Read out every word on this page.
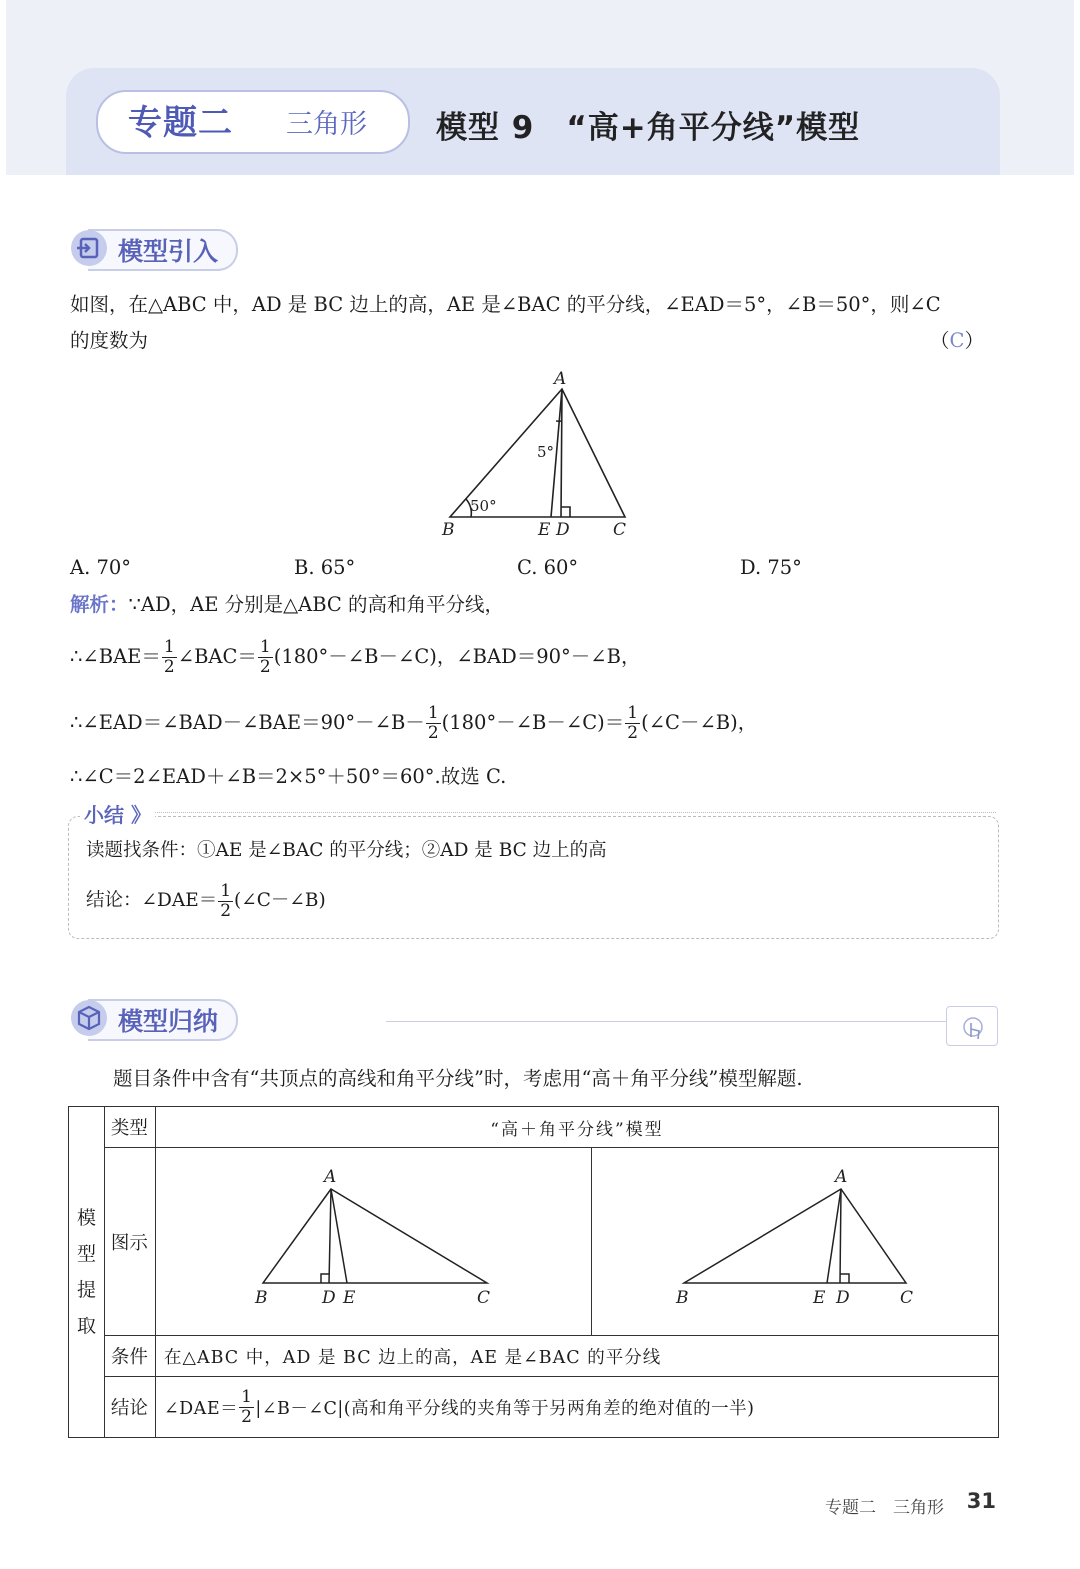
专题二 三角形 模型 9　“高+角平分线”模型
模型引入
如图，在△ABC 中，AD 是 BC 边上的高，AE 是∠BAC 的平分线，∠EAD＝5°，∠B＝50°，则∠C
的度数为	（C）
A
B	C
E D
5°
50°
A. 70°	B. 65°	C. 60°	D. 75°
解析：∵AD，AE 分别是△ABC 的高和角平分线，
∴∠BAE＝ $\frac{1}{2}$ ∠BAC＝ $\frac{1}{2}$ (180°－∠B－∠C)，∠BAD＝90°－∠B，
∴∠EAD＝∠BAD－∠BAE＝90°－∠B－ $\frac{1}{2}$ (180°－∠B－∠C)＝ $\frac{1}{2}$ (∠C－∠B)，
∴∠C＝2∠EAD＋∠B＝2×5°＋50°＝60°.故选 C.
小结 》
读题找条件：①AE 是∠BAC 的平分线；②AD 是 BC 边上的高
结论：∠DAE＝ $\frac{1}{2}$ (∠C－∠B)
模型归纳
题目条件中含有“共顶点的高线和角平分线”时，考虑用“高＋角平分线”模型解题.
模
型
提
取	类型	“高＋角平分线”模型	
	图示	A
B C
D E	A
B C
E D

	条件	在△ABC 中，AD 是 BC 边上的高，AE 是∠BAC 的平分线	
	结论	∠DAE＝ $\frac{1}{2}$ |∠B－∠C|(高和角平分线的夹角等于另两角差的绝对值的一半)	
专题二　三角形 31
